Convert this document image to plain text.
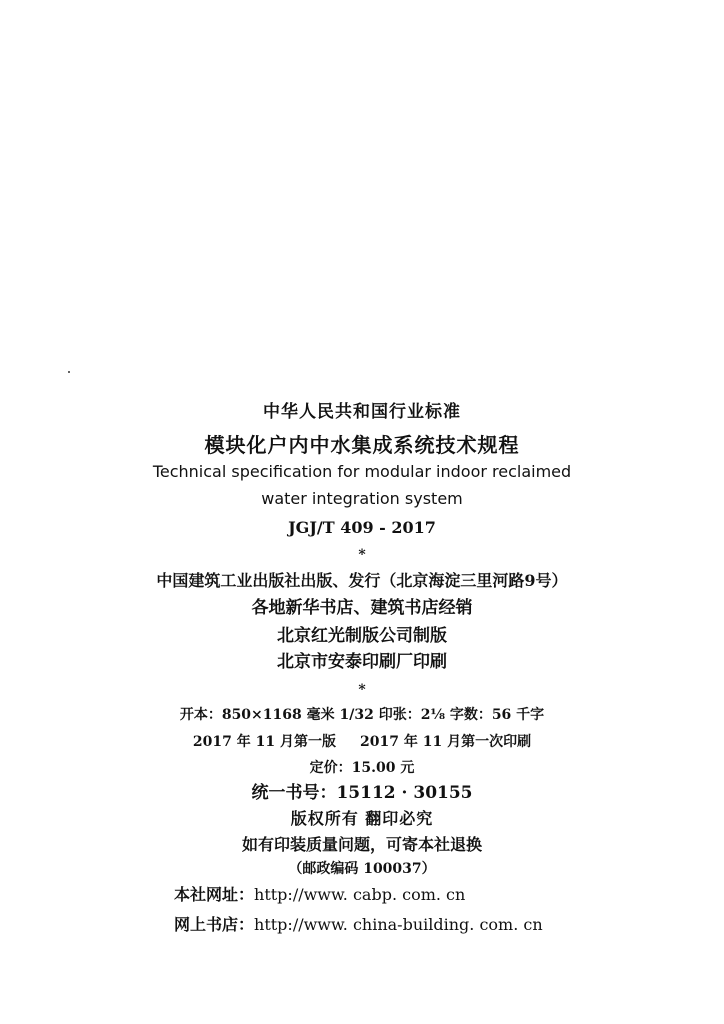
中华人民共和国行业标准
模块化户内中水集成系统技术规程
Technical specification for modular indoor reclaimed
water integration system
JGJ/T 409 - 2017
*
中国建筑工业出版社出版、发行（北京海淀三里河路9号）
各地新华书店、建筑书店经销
北京红光制版公司制版
北京市安泰印刷厂印刷
*
开本：850×1168 毫米 1/32 印张：2⅛ 字数：56 千字
2017 年 11 月第一版 2017 年 11 月第一次印刷
定价：15.00 元
统一书号：15112 · 30155
版权所有 翻印必究
如有印装质量问题，可寄本社退换
（邮政编码 100037）
本社网址：http://www. cabp. com. cn
网上书店：http://www. china-building. com. cn
